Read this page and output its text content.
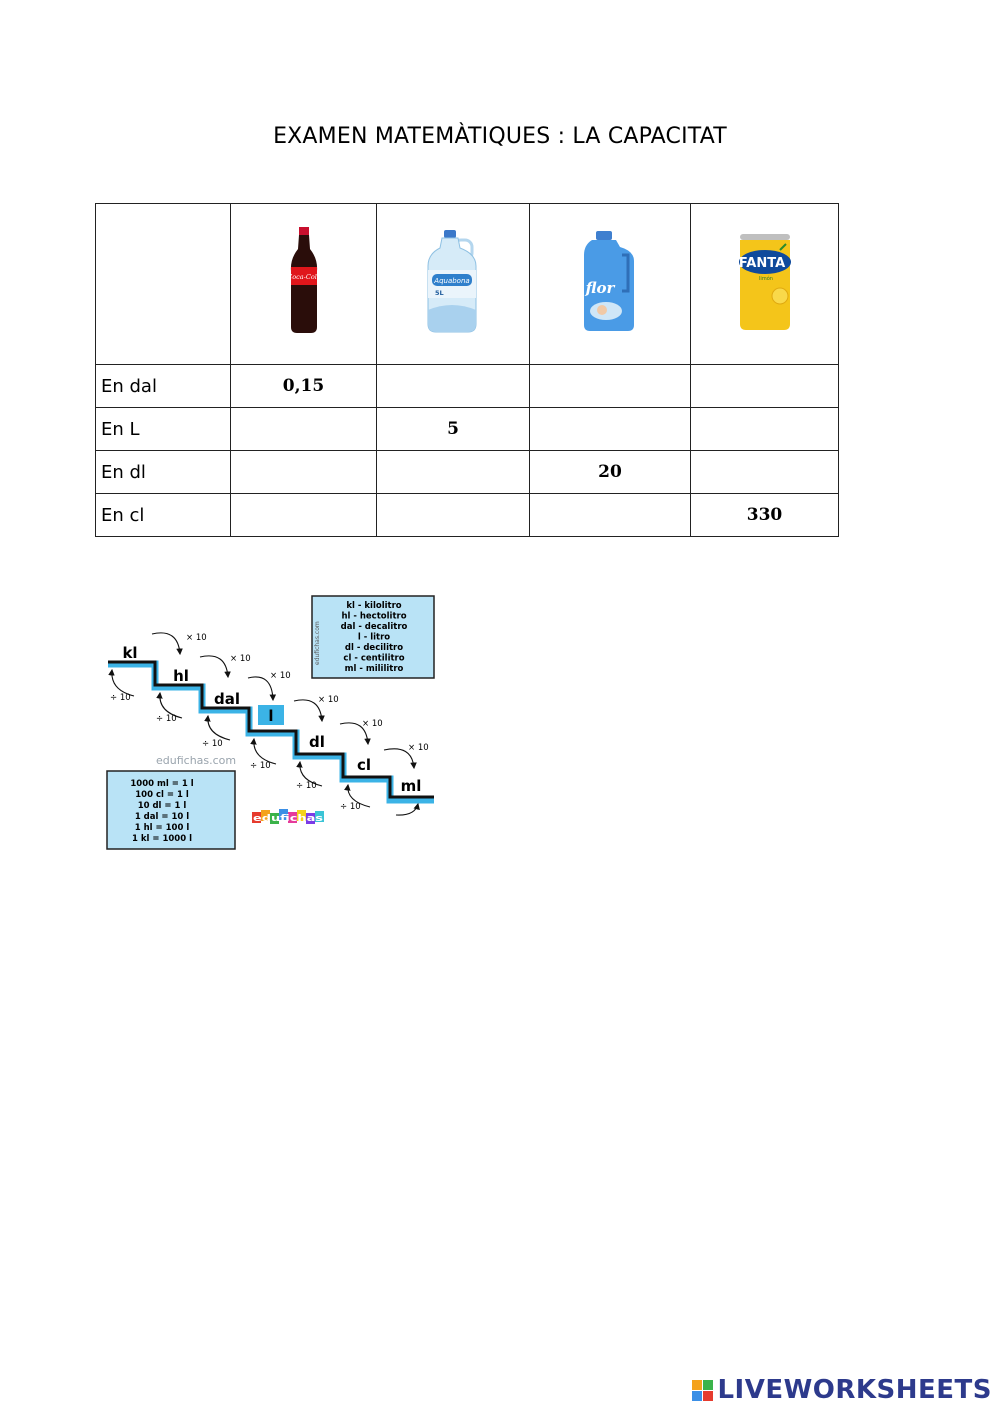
EXAMEN MATEMÀTIQUES : LA CAPACITAT

Coca-Cola	Aquabona
5L	flor	FANTA
limón

En dal	0,15			
En L		5		
En dl			20	
En cl				330
edufichas.com
kl - kilolitro
hl - hectolitro
dal - decalitro
l - litro
dl - decilitro
cl - centilitro
ml - mililitro
kl
hl
dal
l
dl
cl
ml
× 10
× 10
× 10
× 10
× 10
× 10
÷ 10
÷ 10
÷ 10
÷ 10
÷ 10
÷ 10
edufichas.com
1000 ml = 1 l
100 cl = 1 l
10 dl = 1 l
1 dal = 10 l
1 hl = 100 l
1 kl = 1000 l
edufichas
LIVEWORKSHEETS
